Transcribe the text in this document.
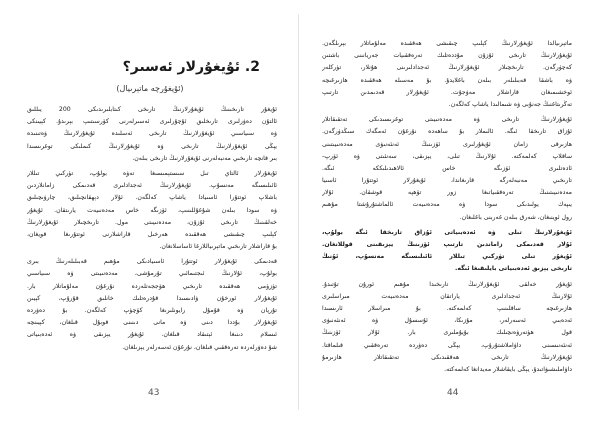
2. ئۇيغۇرلار ئەسىر؟
(ئۇيغۇرچە ماتېرىيال)
ئۇيغۇر تارىخىنىڭ ئۇيغۇرلارنىڭ تارىخى كىتابلىرىدىكى 200 يىللىق
ئالتۇن دەۋرلىرى تارىخلىق ئۇچۇرلىرى ئەسىرلەرنى كۆرسىتىپ بېرىدۇ. كېيىنكى
ۋە سىياسىي ئۇيغۇرلارنىڭ تارىخى ئەسلىدە ئۇيغۇرلارنىڭ ۋەتىنىدە
يېڭى ئۇيغۇرلارنىڭ تارىخى ۋە ئۇيغۇرلارنىڭ كىملىكى توغرىسىدا
بىر قانچە تارىخىي مەنبەلەرنى ئۇيغۇرلارنىڭ تارىخى بىلەن.
ئۇيغۇرلار ئالتاي تىل سىستېمىسىغا تەۋە بولۇپ، تۈركىي تىللار
ئائىلىسىگە مەنسۇپ. ئۇيغۇرلارنىڭ ئەجدادلىرى قەدىمكى زامانلاردىن
باشلاپ ئوتتۇرا ئاسىيادا ياشاپ كەلگەن. ئۇلار دېھقانچىلىق، چارۋىچىلىق
ۋە سودا بىلەن شۇغۇللىنىپ، ئۆزىگە خاس مەدەنىيەت يارىتقان. ئۇيغۇر
خەلقىنىڭ تارىخى ئۇزۇن، مەدەنىيىتى مول. تارىخچىلار ئۇيغۇرلارنىڭ
كېلىپ چىقىشى ھەققىدە ھەرخىل قاراشلارنى ئوتتۇرىغا قويغان،
بۇ قاراشلار تارىخىي ماتېرىياللارغا ئاساسلانغان.
قەدىمكى ئۇيغۇرلار ئوتتۇرا ئاسىيادىكى مۇھىم قەبىلىلەرنىڭ بىرى
بولۇپ، ئۇلارنىڭ ئىجتىمائىي تۇرمۇشى، مەدەنىيىتى ۋە سىياسىي
تۈزۈمى ھەققىدە تارىخىي ھۆججەتلەردە نۇرغۇن مەلۇماتلار بار.
ئۇيغۇرلار ئورخۇن ۋادىسىدا قۇدرەتلىك خانلىق قۇرۇپ، كېيىن
تۇرپان ۋە قۇمۇل رايونلىرىغا كۆچۈپ كەلگەن. بۇ دەۋردە
ئۇيغۇرلار بۇددا دىنى ۋە مانى دىنىنى قوبۇل قىلغان، كېيىنچە
ئىسلام دىنىغا ئېتىقاد قىلغان. ئۇيغۇر يېزىقى ۋە ئەدەبىياتى
شۇ دەۋرلەردە تەرەققىي قىلغان، نۇرغۇن ئەسەرلەر يېزىلغان.
43
ماتېرىيالدا ئۇيغۇرلارنىڭ كېلىپ چىقىشى ھەققىدە مەلۇماتلار بېرىلگەن.
ئۇيغۇرلارنىڭ تارىخى ئۇزۇن مۇددەتلىك تەرەققىيات جەريانىنى باشتىن
كەچۈرگەن. تارىخچىلار ئۇيغۇرلارنىڭ ئەجدادلىرىنى ھۇنلار، تۈركلەر
ۋە باشقا قەبىلىلەر بىلەن باغلايدۇ. بۇ مەسىلە ھەققىدە ھازىرغىچە
ئوخشىمىغان قاراشلار مەۋجۇت. ئۇيغۇرلار قەدىمدىن تارتىپ
تەڭرىتاغنىڭ جەنۇبى ۋە شىمالىدا ياشاپ كەلگەن.
ئۇيغۇرلارنىڭ تارىخى ۋە مەدەنىيىتى توغرىسىدىكى تەتقىقاتلار
ئۇزاق تارىخقا ئىگە. ئالىملار بۇ ساھەدە نۇرغۇن ئەمگەك سىڭدۈرگەن.
ھازىرقى زامان ئۇيغۇرلىرى ئۆزىنىڭ ئەنئەنىۋى مەدەنىيىتىنى
ساقلاپ كەلمەكتە. ئۇلارنىڭ تىلى، يېزىقى، سەنئىتى ۋە ئۆرپ-
ئادەتلىرى ئۆزىگە خاس ئالاھىدىلىككە ئىگە.
تارىخىي مەنبەلەرگە قارىغاندا، ئۇيغۇرلار ئوتتۇرا ئاسىيا
مەدەنىيىتىنىڭ تەرەققىياتىغا زور تۆھپە قوشقان. ئۇلار
يىپەك يولىدىكى سودا ۋە مەدەنىيەت ئالماشتۇرۇشتا مۇھىم
رول ئوينىغان، شەرق بىلەن غەربنى باغلىغان.
ئۇيغۇرلارنىڭ تىلى ۋە ئەدەبىياتى ئۇزاق تارىخقا ئىگە بولۇپ،
ئۇلار قەدىمكى زاماندىن تارتىپ ئۆزىنىڭ يېزىقىنى قوللانغان.
ئۇيغۇر تىلى تۈركىي تىللار ئائىلىسىگە مەنسۇپ، ئۇنىڭ
تارىخى يېزىق ئەدەبىياتى بايلىقىغا ئىگە.
ئۇيغۇر خەلقى ئۇيغۇرلارنىڭ تارىخىدا مۇھىم ئورۇن تۇتىدۇ.
ئۇلارنىڭ ئەجدادلىرى ياراتقان مەدەنىيەت مىراسلىرى
ھازىرغىچە ساقلىنىپ كەلمەكتە. بۇ مىراسلار ئارىسىدا
ئەدەبىي ئەسەرلەر، مۇزىكا، ئۇسسۇل ۋە ئەنئەنىۋى
قول ھۈنەرۋەنچىلىك بۇيۇملىرى بار. ئۇلار ئۆزىنىڭ
ئەنئەنىسىنى داۋاملاشتۇرۇپ، يېڭى دەۋردە تەرەققىي قىلماقتا.
ئۇيغۇرلارنىڭ تارىخى ھەققىدىكى تەتقىقاتلار ھازىرمۇ
داۋاملىشىۋاتىدۇ، يېڭى بايقاشلار مەيدانغا كەلمەكتە.
44
